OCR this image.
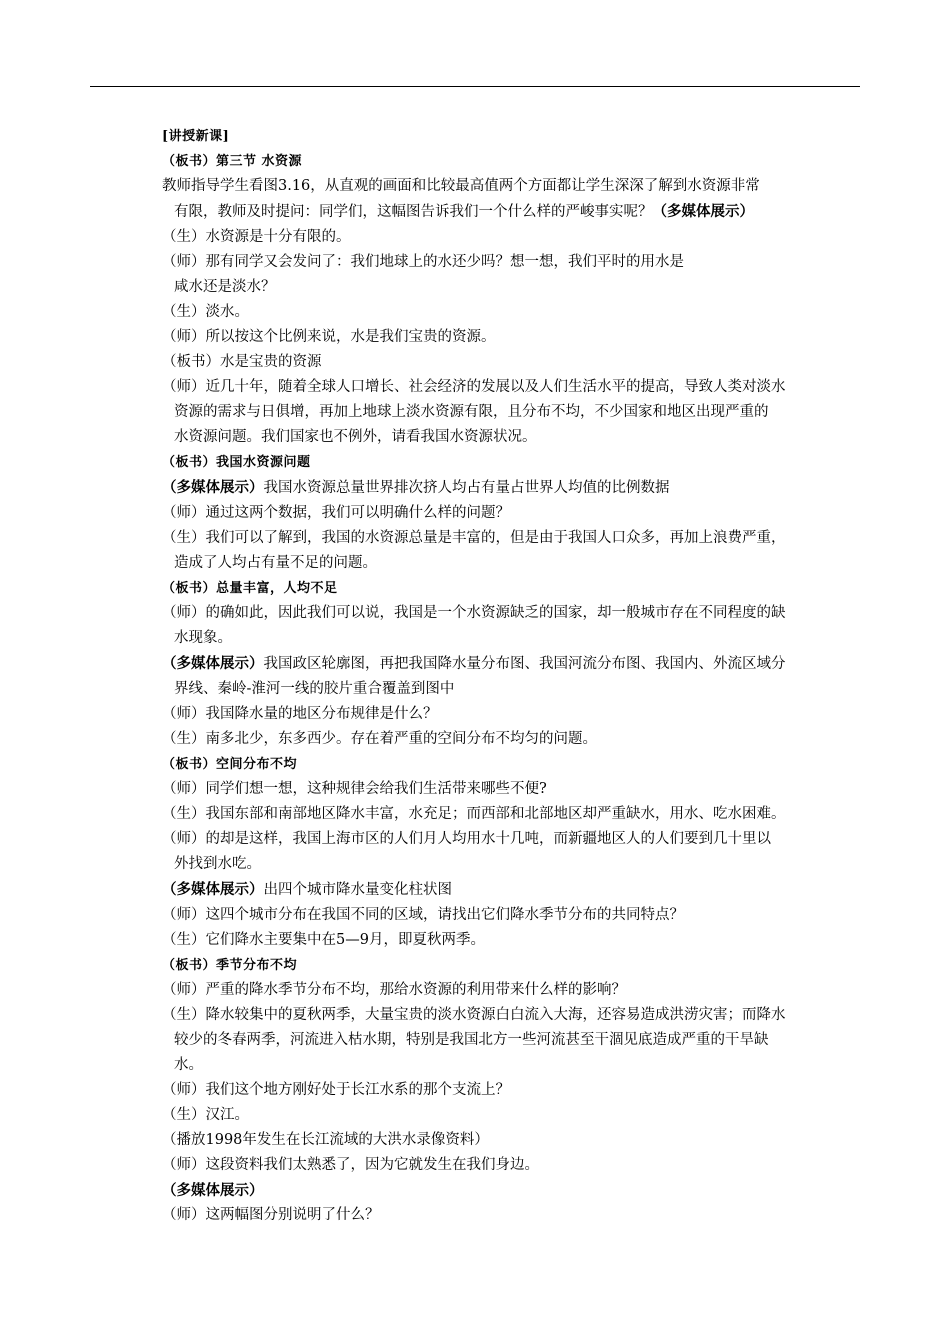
[讲授新课]
（板书）第三节 水资源
教师指导学生看图3.16，从直观的画面和比较最高值两个方面都让学生深深了解到水资源非常
有限，教师及时提问：同学们，这幅图告诉我们一个什么样的严峻事实呢？（多媒体展示）
（生）水资源是十分有限的。
（师）那有同学又会发问了：我们地球上的水还少吗？想一想，我们平时的用水是
咸水还是淡水？
（生）淡水。
（师）所以按这个比例来说，水是我们宝贵的资源。
（板书）水是宝贵的资源
（师）近几十年，随着全球人口增长、社会经济的发展以及人们生活水平的提高，导致人类对淡水
资源的需求与日俱增，再加上地球上淡水资源有限，且分布不均，不少国家和地区出现严重的
水资源问题。我们国家也不例外，请看我国水资源状况。
（板书）我国水资源问题
（多媒体展示）我国水资源总量世界排次挤人均占有量占世界人均值的比例数据
（师）通过这两个数据，我们可以明确什么样的问题？
（生）我们可以了解到，我国的水资源总量是丰富的，但是由于我国人口众多，再加上浪费严重，
造成了人均占有量不足的问题。
（板书）总量丰富，人均不足
（师）的确如此，因此我们可以说，我国是一个水资源缺乏的国家，却一般城市存在不同程度的缺
水现象。
（多媒体展示）我国政区轮廓图，再把我国降水量分布图、我国河流分布图、我国内、外流区域分
界线、秦岭-淮河一线的胶片重合覆盖到图中
（师）我国降水量的地区分布规律是什么？
（生）南多北少，东多西少。存在着严重的空间分布不均匀的问题。
（板书）空间分布不均
（师）同学们想一想，这种规律会给我们生活带来哪些不便?
（生）我国东部和南部地区降水丰富，水充足；而西部和北部地区却严重缺水，用水、吃水困难。
（师）的却是这样，我国上海市区的人们月人均用水十几吨，而新疆地区人的人们要到几十里以
外找到水吃。
（多媒体展示）出四个城市降水量变化柱状图
（师）这四个城市分布在我国不同的区域，请找出它们降水季节分布的共同特点？
（生）它们降水主要集中在5—9月，即夏秋两季。
（板书）季节分布不均
（师）严重的降水季节分布不均，那给水资源的利用带来什么样的影响？
（生）降水较集中的夏秋两季，大量宝贵的淡水资源白白流入大海，还容易造成洪涝灾害；而降水
较少的冬春两季，河流进入枯水期，特别是我国北方一些河流甚至干涸见底造成严重的干旱缺
水。
（师）我们这个地方刚好处于长江水系的那个支流上？
（生）汉江。
（播放1998年发生在长江流域的大洪水录像资料）
（师）这段资料我们太熟悉了，因为它就发生在我们身边。
（多媒体展示）
（师）这两幅图分别说明了什么？
